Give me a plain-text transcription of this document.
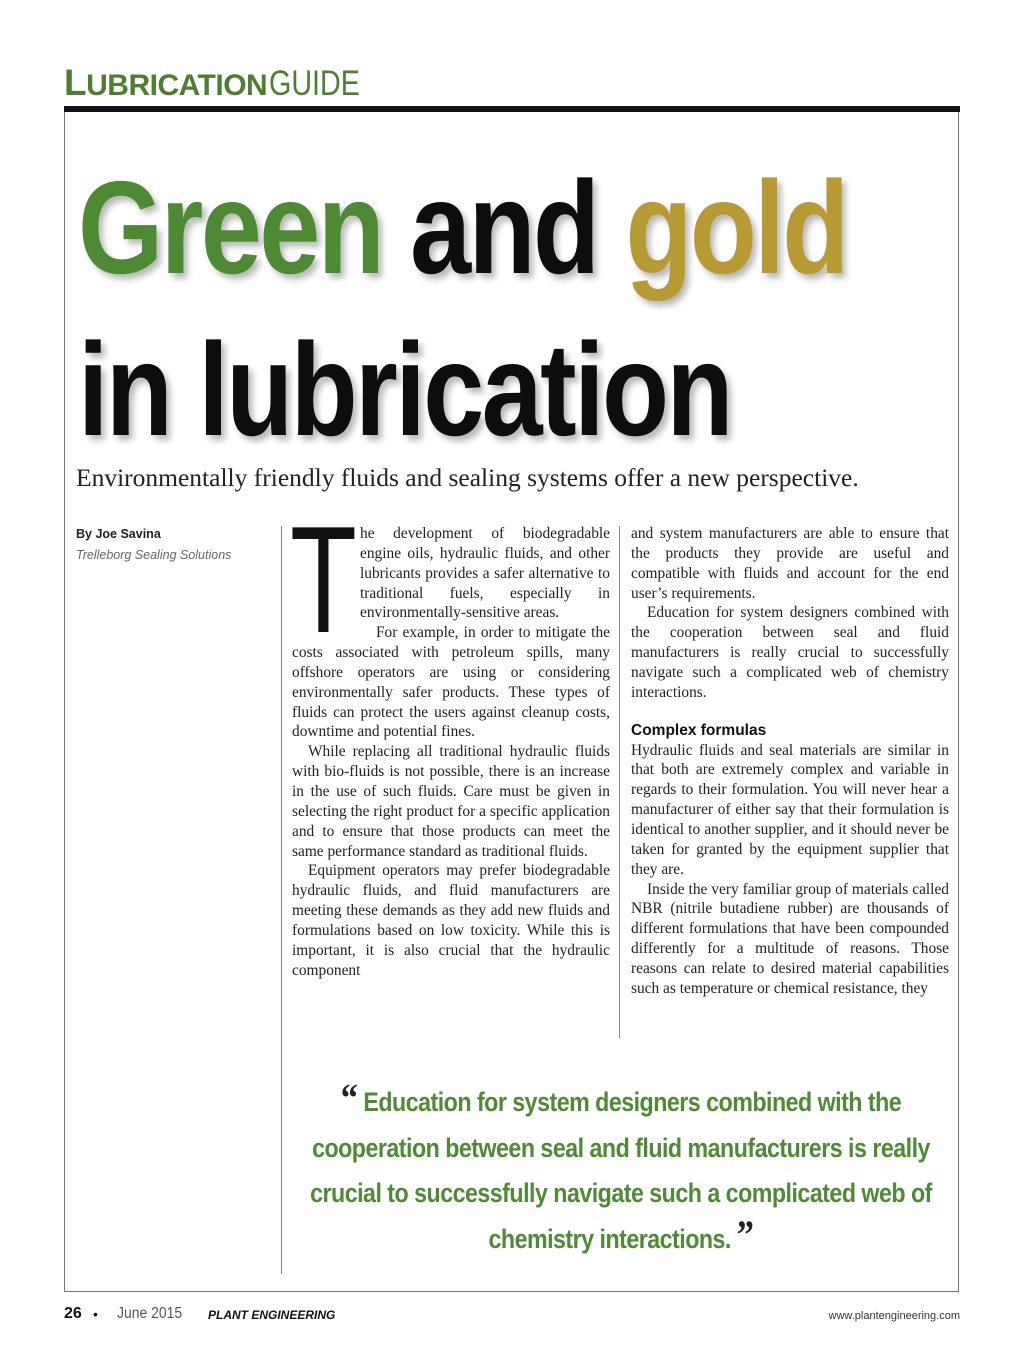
LUBRICATIONGUIDE
Green and gold
in lubrication
Environmentally friendly fluids and sealing systems offer a new perspective.
By Joe Savina
Trelleborg Sealing Solutions T he development of biodegradable engine oils, hydraulic fluids, and other lubricants provides a safer alternative to traditional fuels, especially in environmentally-sensitive areas.

For example, in order to mitigate the costs associated with petroleum spills, many offshore operators are using or considering environmentally safer products. These types of fluids can protect the users against cleanup costs, downtime and potential fines.

While replacing all traditional hydraulic fluids with bio-fluids is not possible, there is an increase in the use of such fluids. Care must be given in selecting the right product for a specific application and to ensure that those products can meet the same performance standard as traditional fluids.

Equipment operators may prefer biodegradable hydraulic fluids, and fluid manufacturers are meeting these demands as they add new fluids and formulations based on low toxicity. While this is important, it is also crucial that the hydraulic component

and system manufacturers are able to ensure that the products they provide are useful and compatible with fluids and account for the end user’s requirements.

Education for system designers combined with the cooperation between seal and fluid manufacturers is really crucial to successfully navigate such a complicated web of chemistry interactions.

Complex formulas

Hydraulic fluids and seal materials are similar in that both are extremely complex and variable in regards to their formulation. You will never hear a manufacturer of either say that their formulation is identical to another supplier, and it should never be taken for granted by the equipment supplier that they are.

Inside the very familiar group of materials called NBR (nitrile butadiene rubber) are thousands of different formulations that have been compounded differently for a multitude of reasons. Those reasons can relate to desired material capabilities such as temperature or chemical resistance, they

“ Education for system designers combined with the cooperation between seal and fluid manufacturers is really crucial to successfully navigate such a complicated web of chemistry interactions. ”
26 • June 2015 PLANT ENGINEERING	www.plantengineering.com
